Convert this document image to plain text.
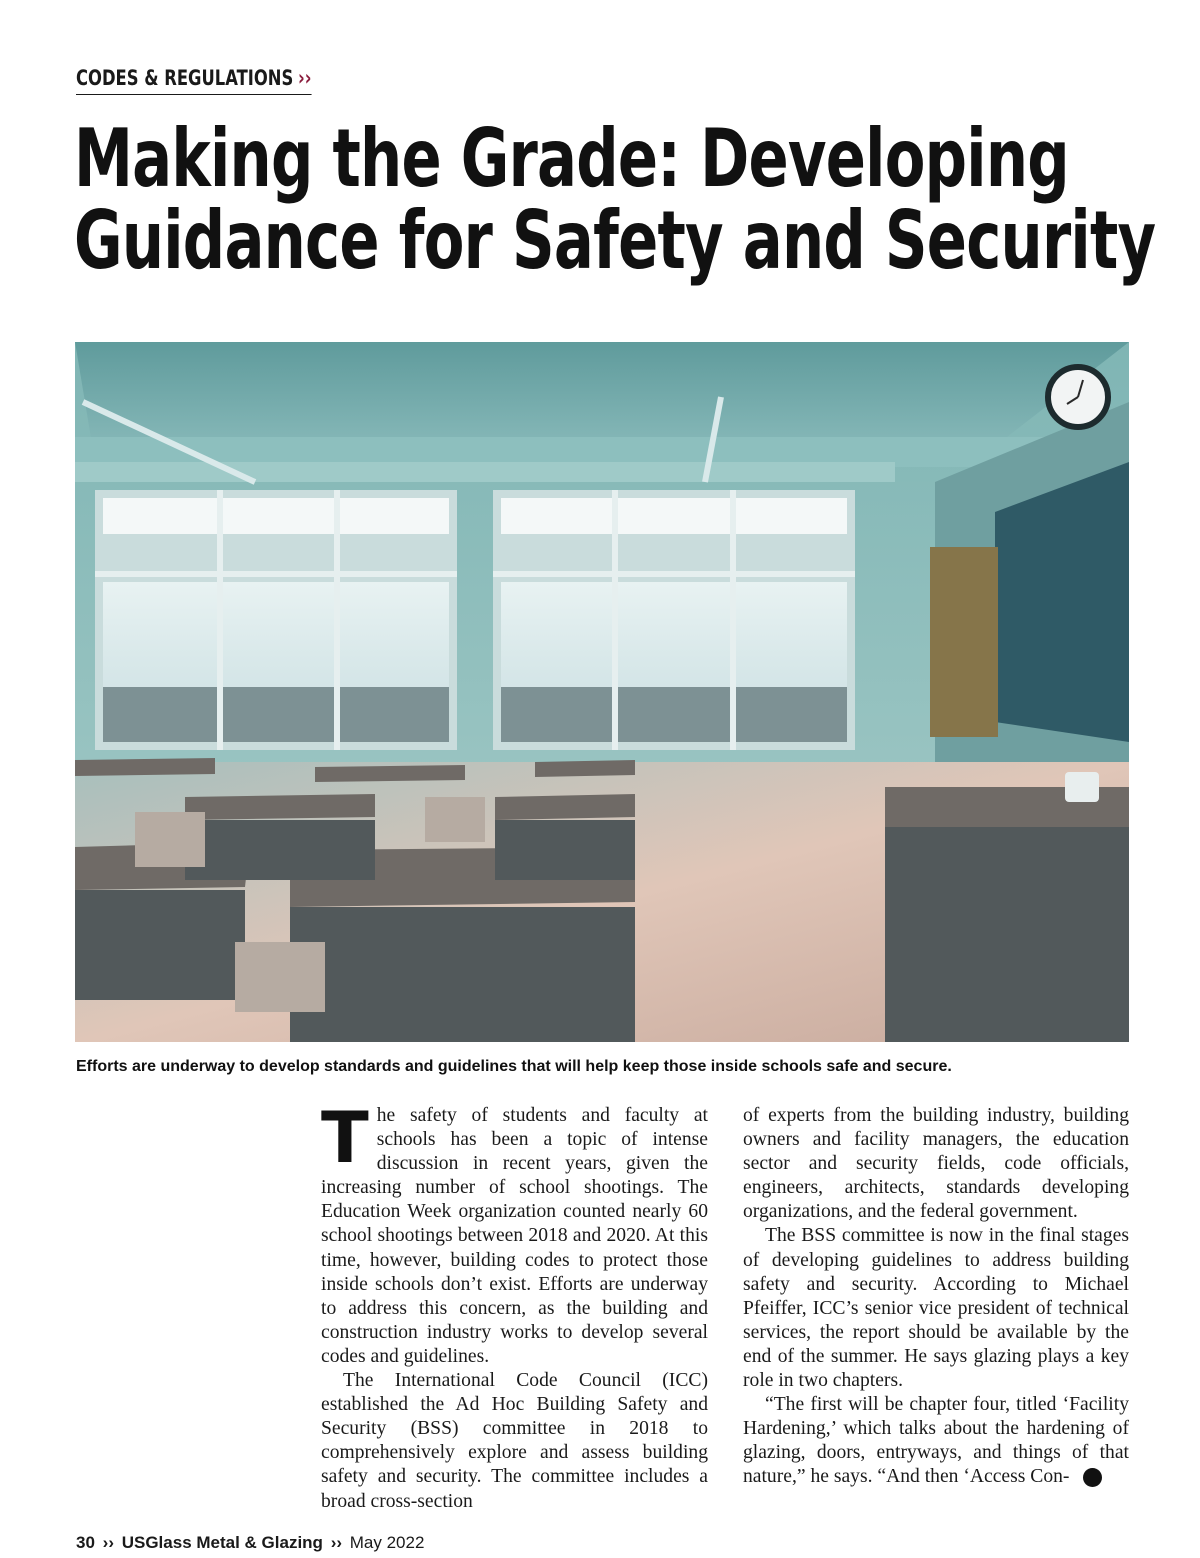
CODES & REGULATIONS ››
Making the Grade: Developing
Guidance for Safety and Security
Efforts are underway to develop standards and guidelines that will help keep those inside schools safe and secure.
T he safety of students and faculty at schools has been a topic of intense discussion in recent years, given the increasing number of school shootings. The Education Week organization counted nearly 60 school shootings between 2018 and 2020. At this time, however, building codes to protect those inside schools don’t exist. Efforts are underway to address this concern, as the building and construction industry works to develop several codes and guidelines.

The International Code Council (ICC) established the Ad Hoc Building Safety and Security (BSS) committee in 2018 to comprehensively explore and assess building safety and security. The committee includes a broad cross-section

of experts from the building industry, building owners and facility managers, the education sector and security fields, code officials, engineers, architects, standards developing organizations, and the federal government.

The BSS committee is now in the final stages of developing guidelines to address building safety and security. According to Michael Pfeiffer, ICC’s senior vice president of technical services, the report should be available by the end of the summer. He says glazing plays a key role in two chapters.

“The first will be chapter four, titled ‘Facility Hardening,’ which talks about the hardening of glazing, doors, entryways, and things of that nature,” he says. “And then ‘Access Con-	➜

30 ›› USGlass Metal & Glazing ›› May 2022
